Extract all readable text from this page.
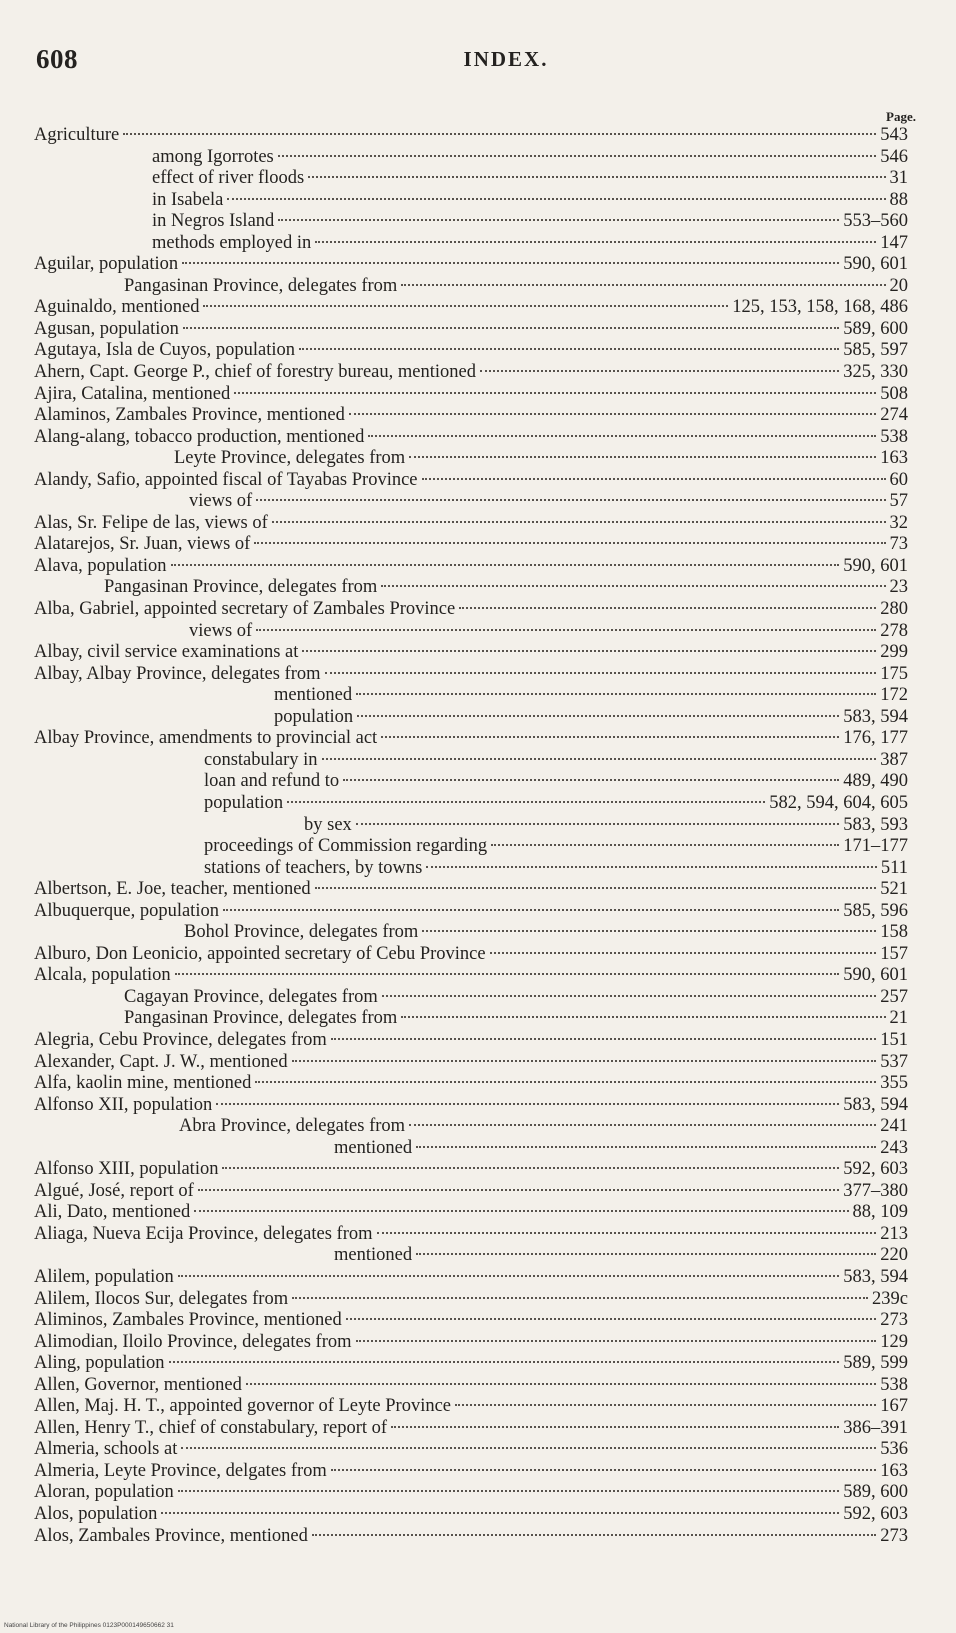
608	INDEX.
Page.
Agriculture	543
among Igorrotes	546
effect of river floods	31
in Isabela	88
in Negros Island	553–560
methods employed in	147
Aguilar, population	590, 601
Pangasinan Province, delegates from	20
Aguinaldo, mentioned	125, 153, 158, 168, 486
Agusan, population	589, 600
Agutaya, Isla de Cuyos, population	585, 597
Ahern, Capt. George P., chief of forestry bureau, mentioned	325, 330
Ajira, Catalina, mentioned	508
Alaminos, Zambales Province, mentioned	274
Alang-alang, tobacco production, mentioned	538
Leyte Province, delegates from	163
Alandy, Safio, appointed fiscal of Tayabas Province	60
views of	57
Alas, Sr. Felipe de las, views of	32
Alatarejos, Sr. Juan, views of	73
Alava, population	590, 601
Pangasinan Province, delegates from	23
Alba, Gabriel, appointed secretary of Zambales Province	280
views of	278
Albay, civil service examinations at	299
Albay, Albay Province, delegates from	175
mentioned	172
population	583, 594
Albay Province, amendments to provincial act	176, 177
constabulary in	387
loan and refund to	489, 490
population	582, 594, 604, 605
by sex	583, 593
proceedings of Commission regarding	171–177
stations of teachers, by towns	511
Albertson, E. Joe, teacher, mentioned	521
Albuquerque, population	585, 596
Bohol Province, delegates from	158
Alburo, Don Leonicio, appointed secretary of Cebu Province	157
Alcala, population	590, 601
Cagayan Province, delegates from	257
Pangasinan Province, delegates from	21
Alegria, Cebu Province, delegates from	151
Alexander, Capt. J. W., mentioned	537
Alfa, kaolin mine, mentioned	355
Alfonso XII, population	583, 594
Abra Province, delegates from	241
mentioned	243
Alfonso XIII, population	592, 603
Algué, José, report of	377–380
Ali, Dato, mentioned	88, 109
Aliaga, Nueva Ecija Province, delegates from	213
mentioned	220
Alilem, population	583, 594
Alilem, Ilocos Sur, delegates from	239c
Aliminos, Zambales Province, mentioned	273
Alimodian, Iloilo Province, delegates from	129
Aling, population	589, 599
Allen, Governor, mentioned	538
Allen, Maj. H. T., appointed governor of Leyte Province	167
Allen, Henry T., chief of constabulary, report of	386–391
Almeria, schools at	536
Almeria, Leyte Province, delgates from	163
Aloran, population	589, 600
Alos, population	592, 603
Alos, Zambales Province, mentioned	273
National Library of the Philippines 0123P000149650662 31
